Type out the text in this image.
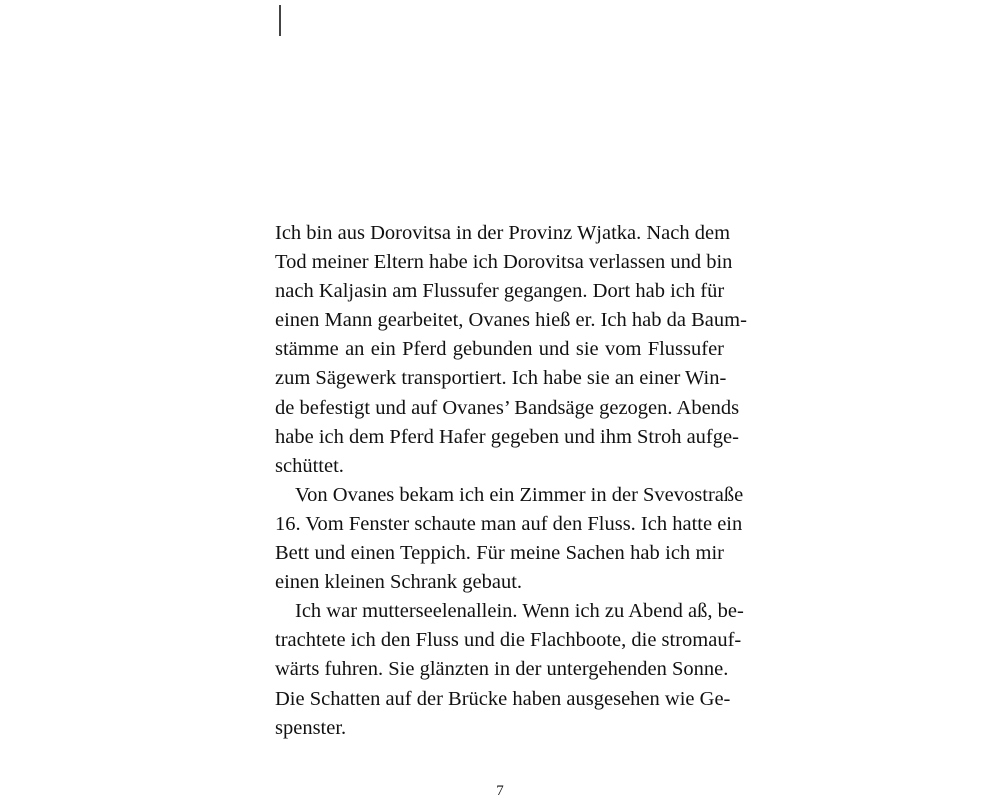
Ich bin aus Dorovitsa in der Provinz Wjatka. Nach dem
Tod meiner Eltern habe ich Dorovitsa verlassen und bin
nach Kaljasin am Flussufer gegangen. Dort hab ich für
einen Mann gearbeitet, Ovanes hieß er. Ich hab da Baum-
stämme an ein Pferd gebunden und sie vom Flussufer
zum Sägewerk transportiert. Ich habe sie an einer Win-
de befestigt und auf Ovanes’ Bandsäge gezogen. Abends
habe ich dem Pferd Hafer gegeben und ihm Stroh aufge-
schüttet.
Von Ovanes bekam ich ein Zimmer in der Svevostraße
16. Vom Fenster schaute man auf den Fluss. Ich hatte ein
Bett und einen Teppich. Für meine Sachen hab ich mir
einen kleinen Schrank gebaut.
Ich war mutterseelenallein. Wenn ich zu Abend aß, be-
trachtete ich den Fluss und die Flachboote, die stromauf-
wärts fuhren. Sie glänzten in der untergehenden Sonne.
Die Schatten auf der Brücke haben ausgesehen wie Ge-
spenster.
7
